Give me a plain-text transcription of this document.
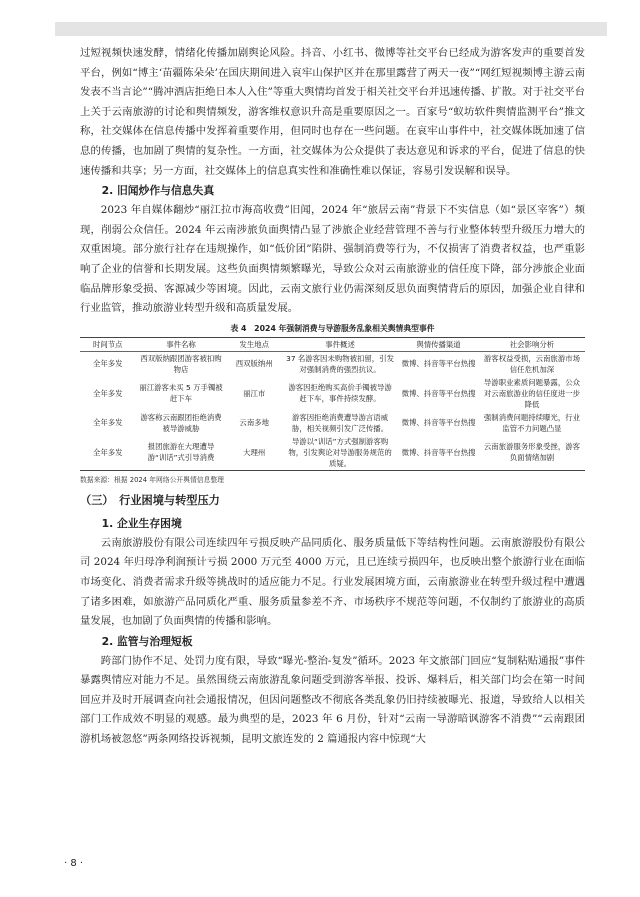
过短视频快速发酵，情绪化传播加剧舆论风险。抖音、小红书、微博等社交平台已经成为游客发声的重要首发平台，例如“博主‘苗疆陈朵朵’在国庆期间进入哀牢山保护区并在那里露营了两天一夜”“网红短视频博主游云南发表不当言论”“腾冲酒店拒绝日本人入住”等重大舆情均首发于相关社交平台并迅速传播、扩散。对于社交平台上关于云南旅游的讨论和舆情频发，游客维权意识升高是重要原因之一。百家号“蚁坊软件舆情监测平台”推文称，社交媒体在信息传播中发挥着重要作用，但同时也存在一些问题。在哀牢山事件中，社交媒体既加速了信息的传播，也加剧了舆情的复杂性。一方面，社交媒体为公众提供了表达意见和诉求的平台，促进了信息的快速传播和共享；另一方面，社交媒体上的信息真实性和准确性难以保证，容易引发误解和误导。

2. 旧闻炒作与信息失真

2023 年自媒体翻炒“丽江拉市海高收费”旧闻，2024 年“旅居云南”背景下不实信息（如“景区宰客”）频现，削弱公众信任。2024 年云南涉旅负面舆情凸显了涉旅企业经营管理不善与行业整体转型升级压力增大的双重困境。部分旅行社存在违规操作，如“低价团”陷阱、强制消费等行为，不仅损害了消费者权益，也严重影响了企业的信誉和长期发展。这些负面舆情频繁曝光，导致公众对云南旅游业的信任度下降，部分涉旅企业面临品牌形象受损、客源减少等困境。因此，云南文旅行业仍需深刻反思负面舆情背后的原因，加强企业自律和行业监管，推动旅游业转型升级和高质量发展。

表 4　2024 年强制消费与导游服务乱象相关舆情典型事件
时间节点	事件名称	发生地点	事件概述	舆情传播渠道	社会影响分析
全年多发	西双版纳跟团游客被扣购物店	西双版纳州	37 名游客因未购物被扣留，引发对强制消费的强烈抗议。	微博、抖音等平台热搜	游客权益受损，云南旅游市场信任危机加深
全年多发	丽江游客未买 5 万手镯被赶下车	丽江市	游客因拒绝购买高价手镯被导游赶下车，事件持续发酵。	微博、抖音等平台热搜	导游职业素质问题暴露，公众对云南旅游业的信任度进一步降低
全年多发	游客称云南跟团拒绝消费被导游威胁	云南多地	游客因拒绝消费遭导游言语威胁，相关视频引发广泛传播。	微博、抖音等平台热搜	强制消费问题持续曝光，行业监管不力问题凸显
全年多发	报团旅游在大理遭导游“训话”式引导消费	大理州	导游以“训话”方式强制游客购物，引发舆论对导游服务规范的质疑。	微博、抖音等平台热搜	云南旅游服务形象受挫，游客负面情绪加剧
数据来源：根据 2024 年网络公开舆情信息整理

（三）　行业困境与转型压力

1. 企业生存困境

云南旅游股份有限公司连续四年亏损反映产品同质化、服务质量低下等结构性问题。云南旅游股份有限公司 2024 年归母净利润预计亏损 2000 万元至 4000 万元，且已连续亏损四年，也反映出整个旅游行业在面临市场变化、消费者需求升级等挑战时的适应能力不足。行业发展困境方面，云南旅游业在转型升级过程中遭遇了诸多困难，如旅游产品同质化严重、服务质量参差不齐、市场秩序不规范等问题，不仅制约了旅游业的高质量发展，也加剧了负面舆情的传播和影响。

2. 监管与治理短板

跨部门协作不足、处罚力度有限，导致“曝光-整治-复发”循环。2023 年文旅部门回应“复制粘贴通报”事件暴露舆情应对能力不足。虽然围绕云南旅游乱象问题受到游客举报、投诉、爆料后，相关部门均会在第一时间回应并及时开展调查向社会通报情况，但因问题整改不彻底各类乱象仍旧持续被曝光、报道，导致给人以相关部门工作成效不明显的观感。最为典型的是，2023 年 6 月份，针对“云南一导游暗讽游客不消费”“云南跟团游机场被忽悠”两条网络投诉视频，昆明文旅连发的 2 篇通报内容中惊现“大

· 8 ·
